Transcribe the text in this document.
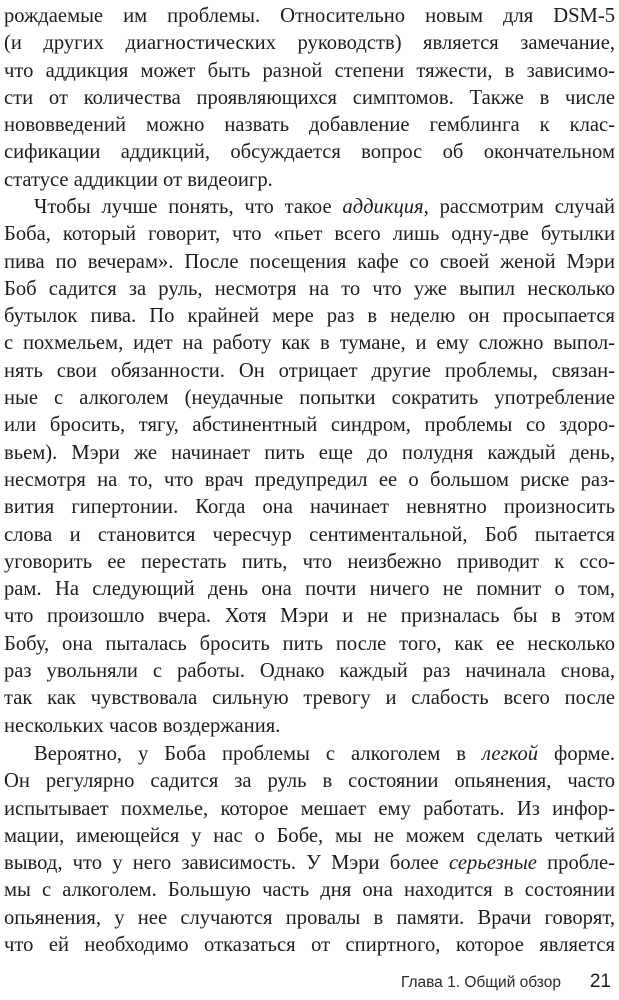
рождаемые им проблемы. Относительно новым для DSM-5
(и других диагностических руководств) является замечание,
что аддикция может быть разной степени тяжести, в зависимо-
сти от количества проявляющихся симптомов. Также в числе
нововведений можно назвать добавление гемблинга к клас-
сификации аддикций, обсуждается вопрос об окончательном
статусе аддикции от видеоигр.
Чтобы лучше понять, что такое аддикция, рассмотрим случай
Боба, который говорит, что «пьет всего лишь одну-две бутылки
пива по вечерам». После посещения кафе со своей женой Мэри
Боб садится за руль, несмотря на то что уже выпил несколько
бутылок пива. По крайней мере раз в неделю он просыпается
с похмельем, идет на работу как в тумане, и ему сложно выпол-
нять свои обязанности. Он отрицает другие проблемы, связан-
ные с алкоголем (неудачные попытки сократить употребление
или бросить, тягу, абстинентный синдром, проблемы со здоро-
вьем). Мэри же начинает пить еще до полудня каждый день,
несмотря на то, что врач предупредил ее о большом риске раз-
вития гипертонии. Когда она начинает невнятно произносить
слова и становится чересчур сентиментальной, Боб пытается
уговорить ее перестать пить, что неизбежно приводит к ссо-
рам. На следующий день она почти ничего не помнит о том,
что произошло вчера. Хотя Мэри и не призналась бы в этом
Бобу, она пыталась бросить пить после того, как ее несколько
раз увольняли с работы. Однако каждый раз начинала снова,
так как чувствовала сильную тревогу и слабость всего после
нескольких часов воздержания.
Вероятно, у Боба проблемы с алкоголем в легкой форме.
Он регулярно садится за руль в состоянии опьянения, часто
испытывает похмелье, которое мешает ему работать. Из инфор-
мации, имеющейся у нас о Бобе, мы не можем сделать четкий
вывод, что у него зависимость. У Мэри более серьезные пробле-
мы с алкоголем. Большую часть дня она находится в состоянии
опьянения, у нее случаются провалы в памяти. Врачи говорят,
что ей необходимо отказаться от спиртного, которое является
Глава 1. Общий обзор 21
